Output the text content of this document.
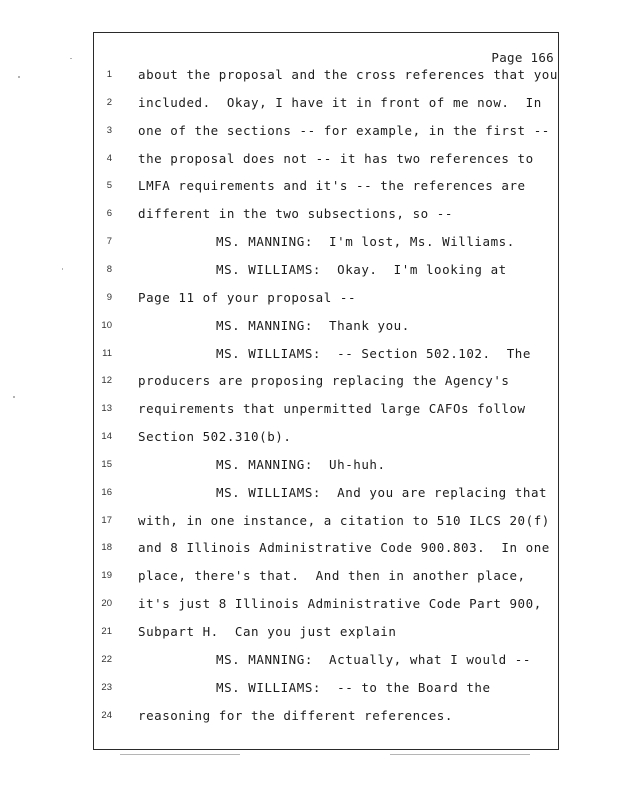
Page 166
1 about the proposal and the cross references that you
2 included.  Okay, I have it in front of me now.  In
3 one of the sections -- for example, in the first --
4 the proposal does not -- it has two references to
5 LMFA requirements and it's -- the references are
6 different in the two subsections, so --
7	MS. MANNING:  I'm lost, Ms. Williams.
8	MS. WILLIAMS:  Okay.  I'm looking at
9 Page 11 of your proposal --
10	MS. MANNING:  Thank you.
11	MS. WILLIAMS:  -- Section 502.102.  The
12 producers are proposing replacing the Agency's
13 requirements that unpermitted large CAFOs follow
14 Section 502.310(b).
15	MS. MANNING:  Uh-huh.
16	MS. WILLIAMS:  And you are replacing that
17 with, in one instance, a citation to 510 ILCS 20(f)
18 and 8 Illinois Administrative Code 900.803.  In one
19 place, there's that.  And then in another place,
20 it's just 8 Illinois Administrative Code Part 900,
21 Subpart H.  Can you just explain
22	MS. MANNING:  Actually, what I would --
23	MS. WILLIAMS:  -- to the Board the
24 reasoning for the different references.
